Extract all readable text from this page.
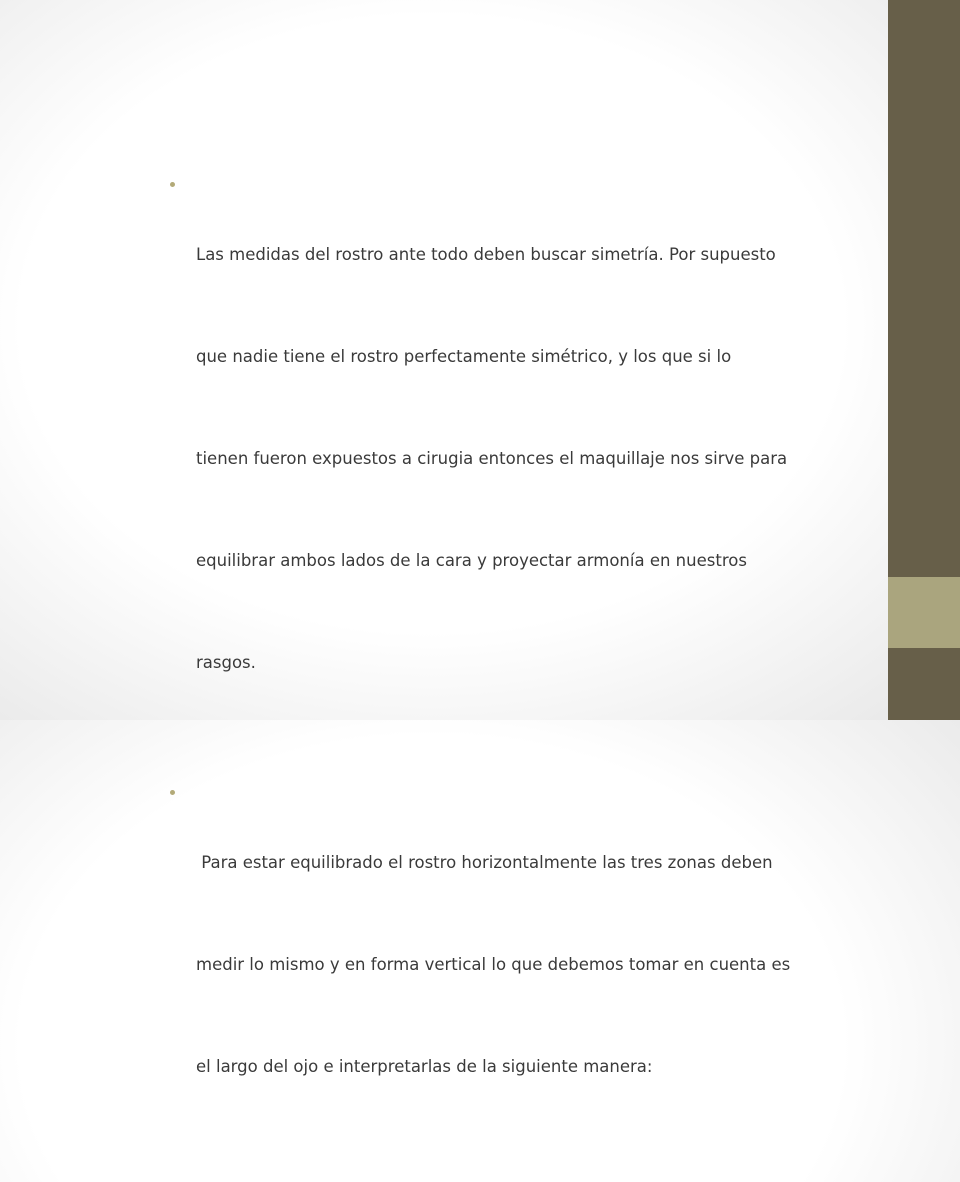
Las medidas del rostro ante todo deben buscar simetría. Por supuesto

que nadie tiene el rostro perfectamente simétrico, y los que si lo

tienen fueron expuestos a cirugia entonces el maquillaje nos sirve para

equilibrar ambos lados de la cara y proyectar armonía en nuestros

rasgos.

Para estar equilibrado el rostro horizontalmente las tres zonas deben

medir lo mismo y en forma vertical lo que debemos tomar en cuenta es

el largo del ojo e interpretarlas de la siguiente manera:
